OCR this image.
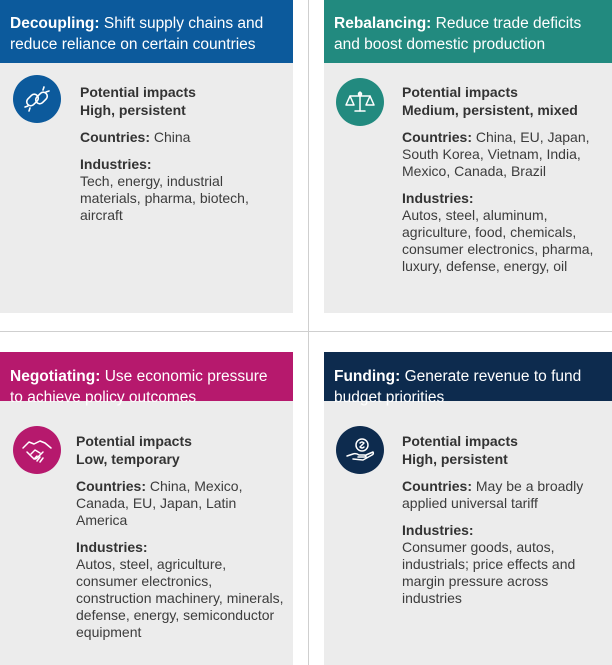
Decoupling: Shift supply chains and reduce reliance on certain countries
Potential impacts
High, persistent
Countries: China
Industries:
Tech, energy, industrial materials, pharma, biotech, aircraft
Rebalancing: Reduce trade deficits and boost domestic production
Potential impacts
Medium, persistent, mixed
Countries: China, EU, Japan, South Korea, Vietnam, India, Mexico, Canada, Brazil
Industries:
Autos, steel, aluminum, agriculture, food, chemicals, consumer electronics, pharma, luxury, defense, energy, oil
Negotiating: Use economic pressure to achieve policy outcomes
Potential impacts
Low, temporary
Countries: China, Mexico, Canada, EU, Japan, Latin America
Industries:
Autos, steel, agriculture, consumer electronics, construction machinery, minerals, defense, energy, semiconductor equipment
Funding: Generate revenue to fund budget priorities
Potential impacts
High, persistent
Countries: May be a broadly applied universal tariff
Industries:
Consumer goods, autos, industrials; price effects and margin pressure across industries
